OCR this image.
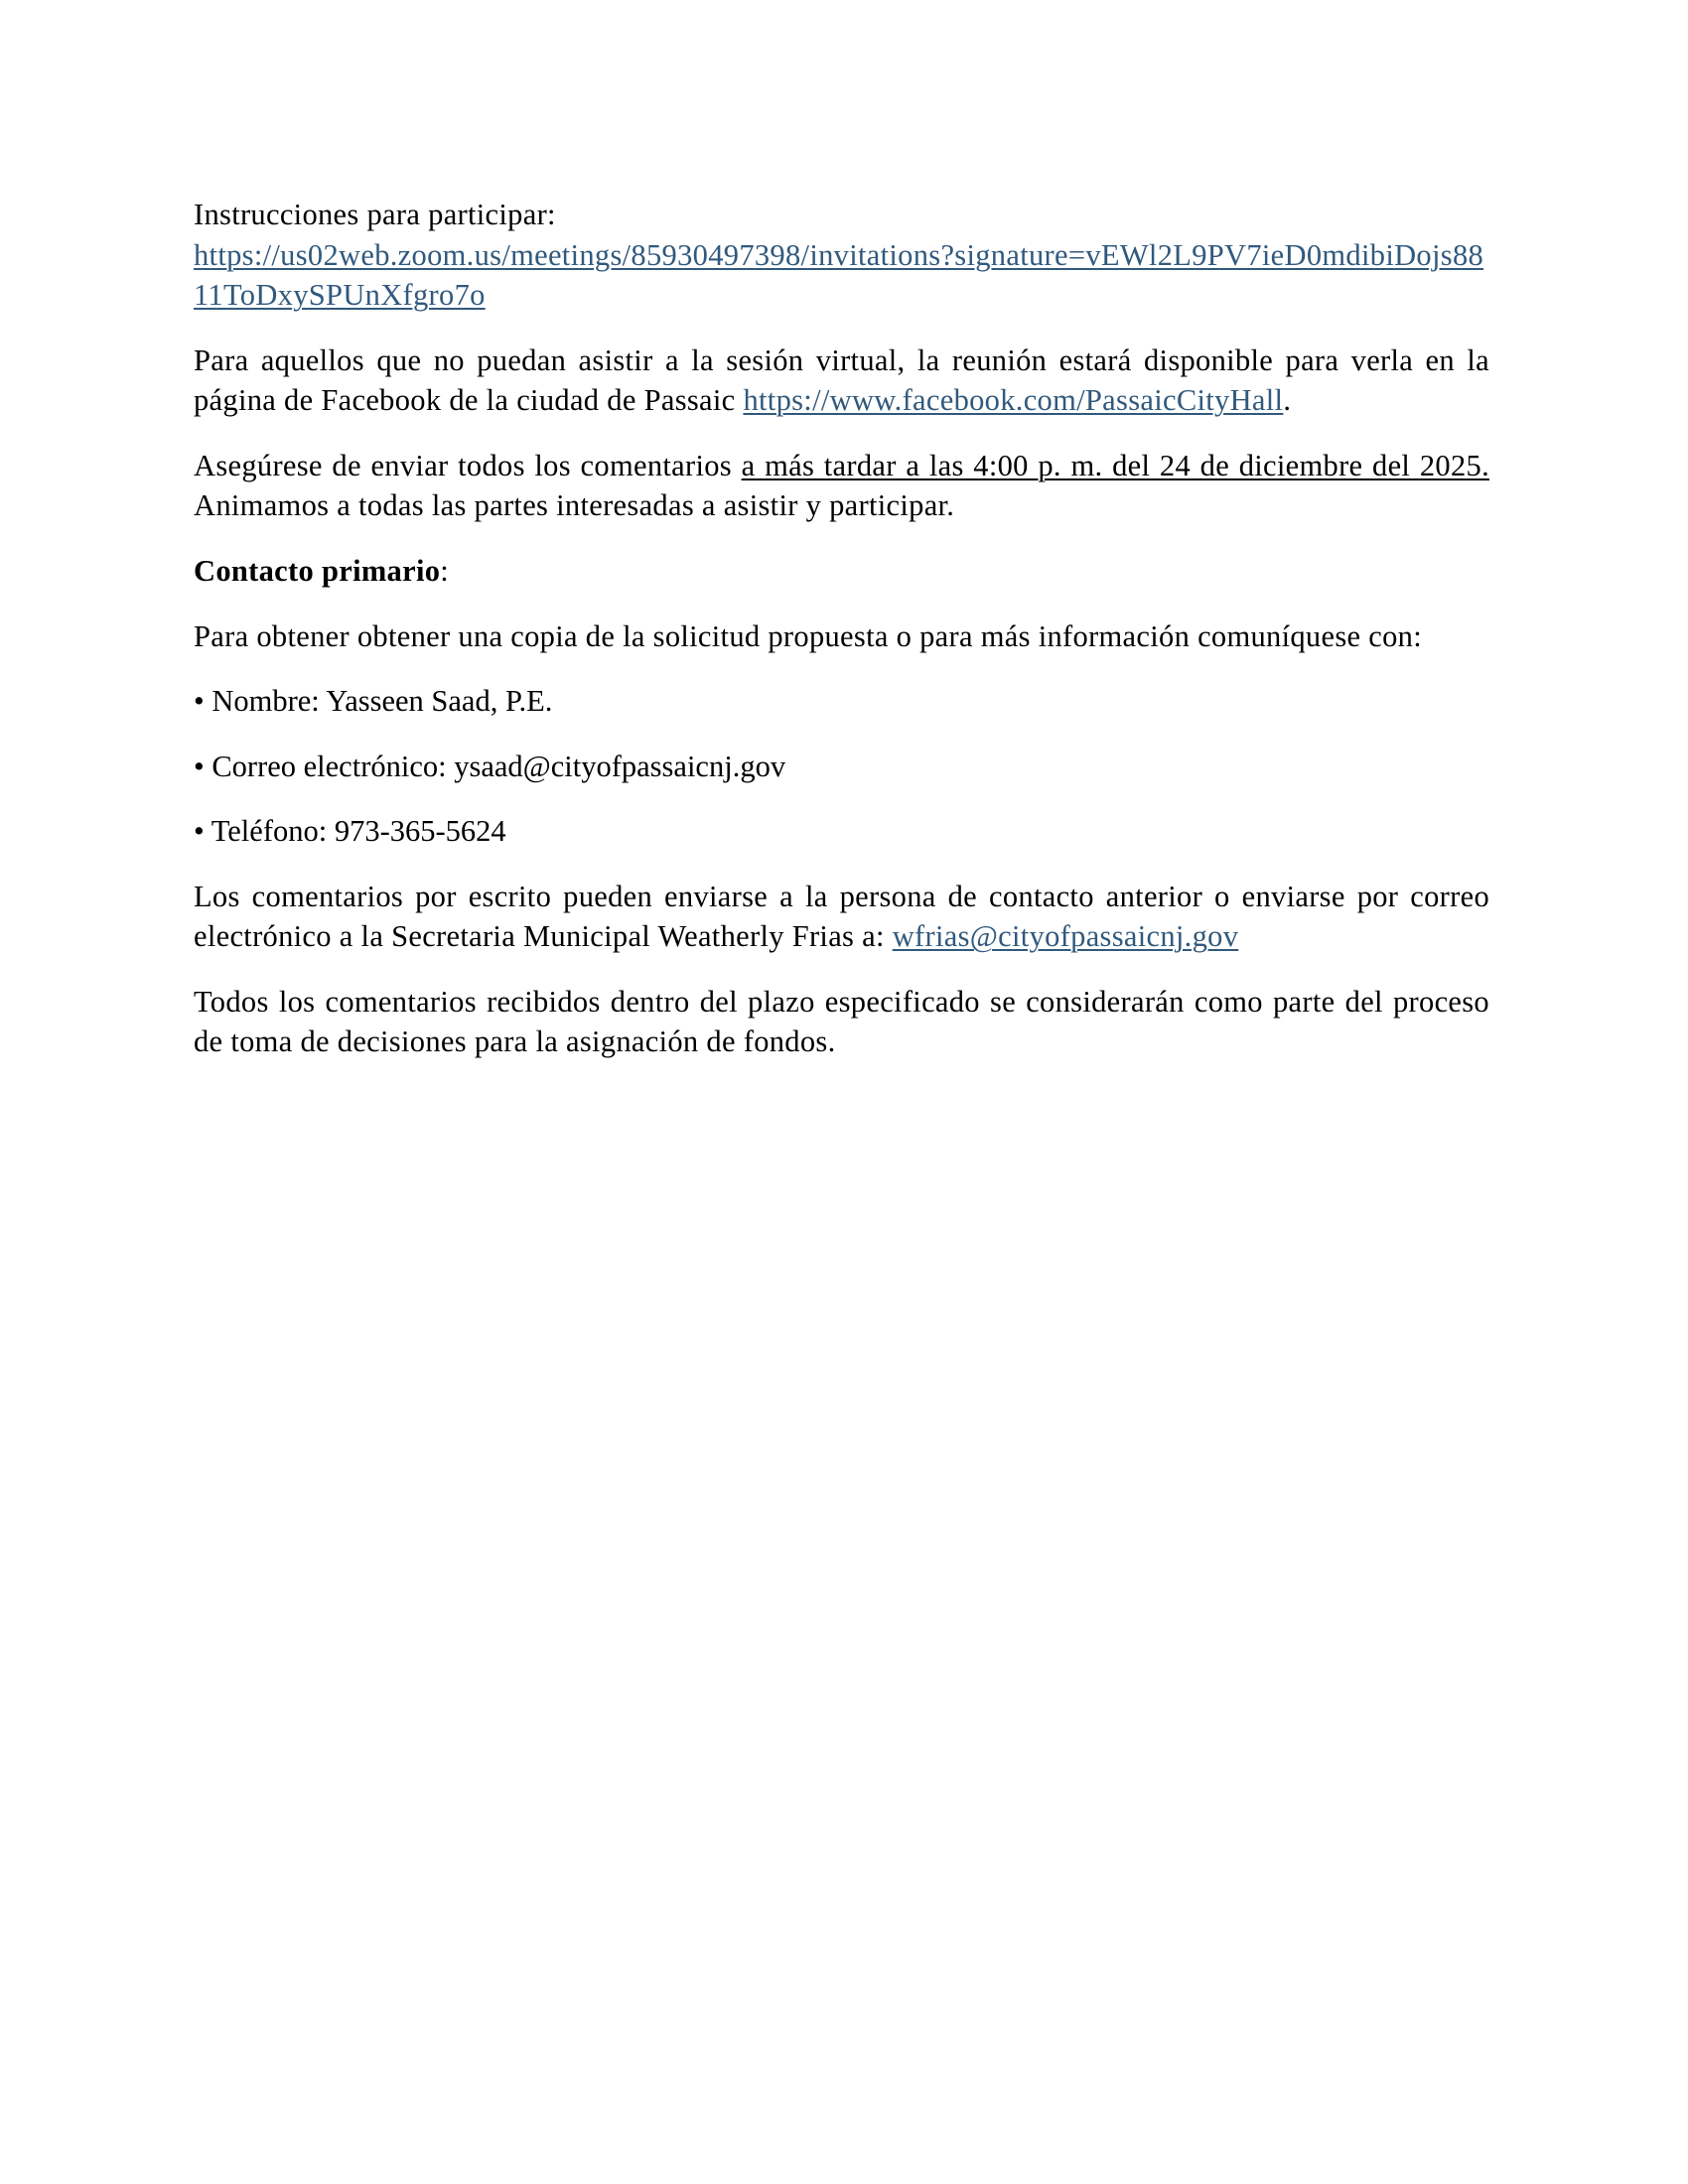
Instrucciones para participar:
https://us02web.zoom.us/meetings/85930497398/invitations?signature=vEWl2L9PV7ieD0mdibiDojs8811ToDxySPUnXfgro7o

Para aquellos que no puedan asistir a la sesión virtual, la reunión estará disponible para verla en la página de Facebook de la ciudad de Passaic https://www.facebook.com/PassaicCityHall.

Asegúrese de enviar todos los comentarios a más tardar a las 4:00 p. m. del 24 de diciembre del 2025. Animamos a todas las partes interesadas a asistir y participar.

Contacto primario:

Para obtener obtener una copia de la solicitud propuesta o para más información comuníquese con:

• Nombre: Yasseen Saad, P.E.

• Correo electrónico: ysaad@cityofpassaicnj.gov

• Teléfono: 973-365-5624

Los comentarios por escrito pueden enviarse a la persona de contacto anterior o enviarse por correo electrónico a la Secretaria Municipal Weatherly Frias a: wfrias@cityofpassaicnj.gov

Todos los comentarios recibidos dentro del plazo especificado se considerarán como parte del proceso de toma de decisiones para la asignación de fondos.
